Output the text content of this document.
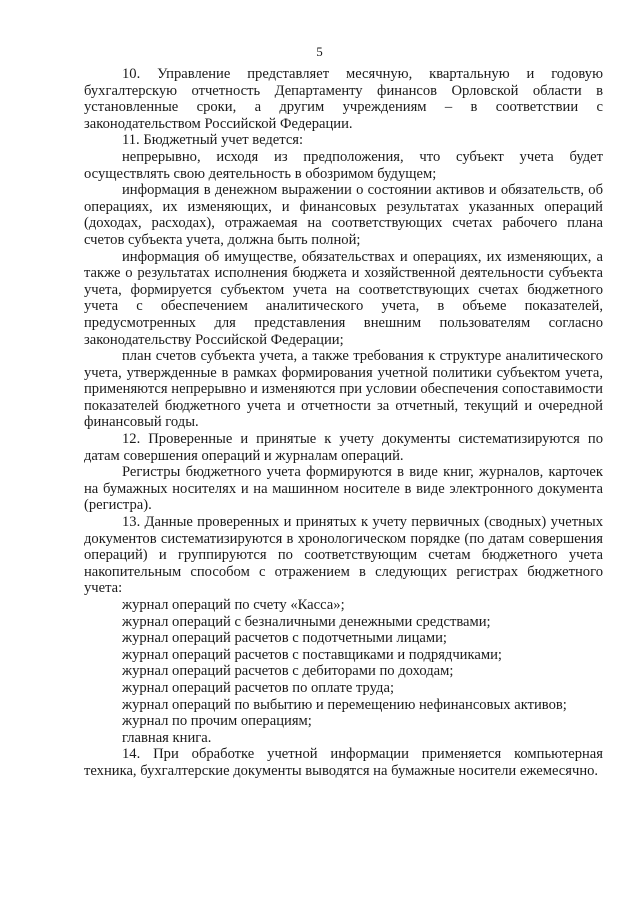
5

10. Управление представляет месячную, квартальную и годовую бухгалтерскую отчетность Департаменту финансов Орловской области в установленные сроки, а другим учреждениям – в соответствии с законодательством Российской Федерации.

11. Бюджетный учет ведется:

непрерывно, исходя из предположения, что субъект учета будет осуществлять свою деятельность в обозримом будущем;

информация в денежном выражении о состоянии активов и обязательств, об операциях, их изменяющих, и финансовых результатах указанных операций (доходах, расходах), отражаемая на соответствующих счетах рабочего плана счетов субъекта учета, должна быть полной;

информация об имуществе, обязательствах и операциях, их изменяющих, а также о результатах исполнения бюджета и хозяйственной деятельности субъекта учета, формируется субъектом учета на соответствующих счетах бюджетного учета с обеспечением аналитического учета, в объеме показателей, предусмотренных для представления внешним пользователям согласно законодательству Российской Федерации;

план счетов субъекта учета, а также требования к структуре аналитического учета, утвержденные в рамках формирования учетной политики субъектом учета, применяются непрерывно и изменяются при условии обеспечения сопоставимости показателей бюджетного учета и отчетности за отчетный, текущий и очередной финансовый годы.

12. Проверенные и принятые к учету документы систематизируются по датам совершения операций и журналам операций.

Регистры бюджетного учета формируются в виде книг, журналов, карточек на бумажных носителях и на машинном носителе в виде электронного документа (регистра).

13. Данные проверенных и принятых к учету первичных (сводных) учетных документов систематизируются в хронологическом порядке (по датам совершения операций) и группируются по соответствующим счетам бюджетного учета накопительным способом с отражением в следующих регистрах бюджетного учета:

журнал операций по счету «Касса»;

журнал операций с безналичными денежными средствами;

журнал операций расчетов с подотчетными лицами;

журнал операций расчетов с поставщиками и подрядчиками;

журнал операций расчетов с дебиторами по доходам;

журнал операций расчетов по оплате труда;

журнал операций по выбытию и перемещению нефинансовых активов;

журнал по прочим операциям;

главная книга.

14. При обработке учетной информации применяется компьютерная техника, бухгалтерские документы выводятся на бумажные носители ежемесячно.
